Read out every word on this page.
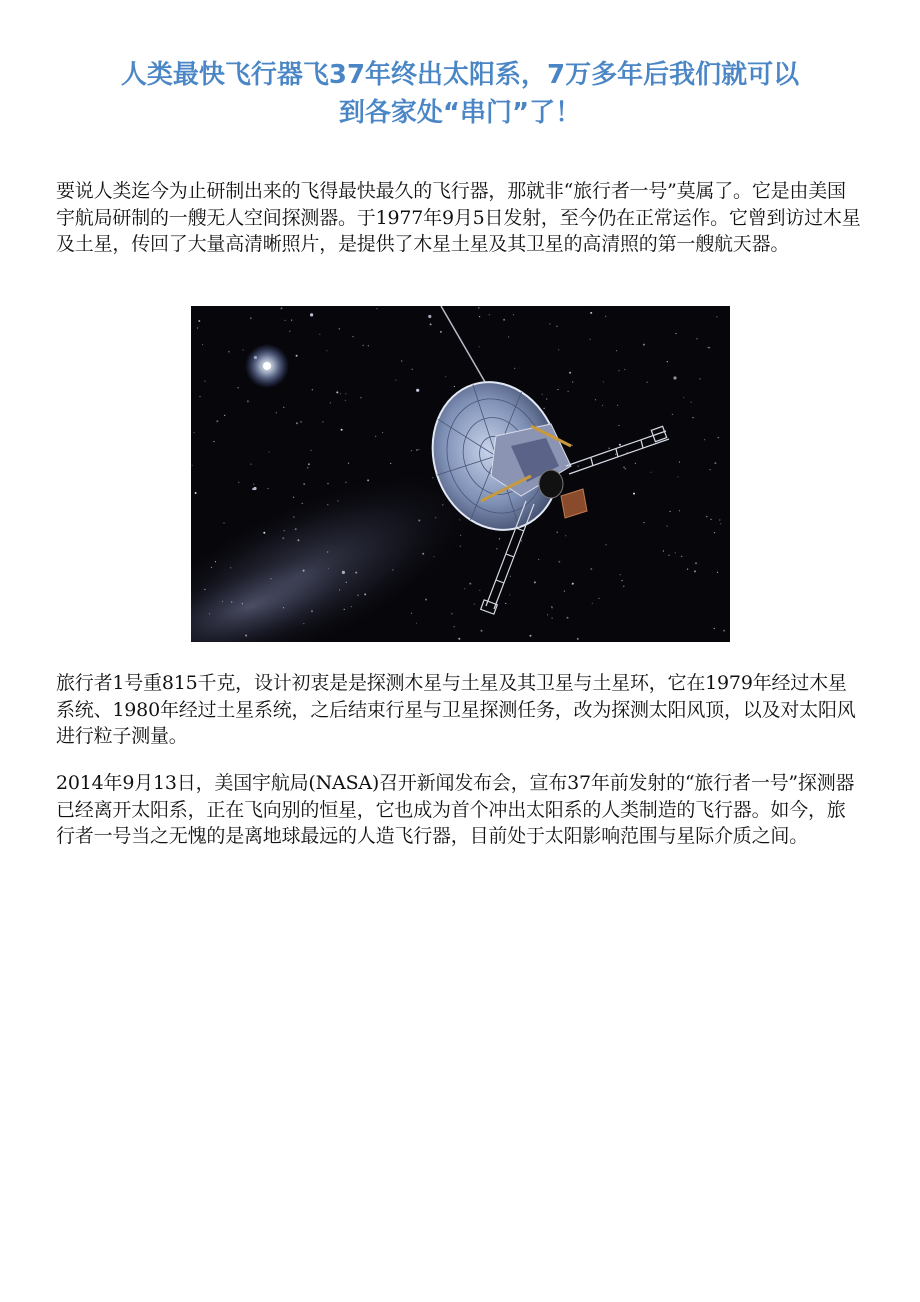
人类最快飞行器飞37年终出太阳系，7万多年后我们就可以
到各家处“串门”了！

要说人类迄今为止研制出来的飞得最快最久的飞行器，那就非“旅行者一号”莫属了。它是由美国宇航局研制的一艘无人空间探测器。于1977年9月5日发射，至今仍在正常运作。它曾到访过木星及土星，传回了大量高清晰照片，是提供了木星土星及其卫星的高清照的第一艘航天器。

旅行者1号重815千克，设计初衷是是探测木星与土星及其卫星与土星环，它在1979年经过木星系统、1980年经过土星系统，之后结束行星与卫星探测任务，改为探测太阳风顶，以及对太阳风进行粒子测量。

2014年9月13日，美国宇航局(NASA)召开新闻发布会，宣布37年前发射的“旅行者一号”探测器已经离开太阳系，正在飞向别的恒星，它也成为首个冲出太阳系的人类制造的飞行器。如今，旅行者一号当之无愧的是离地球最远的人造飞行器，目前处于太阳影响范围与星际介质之间。
